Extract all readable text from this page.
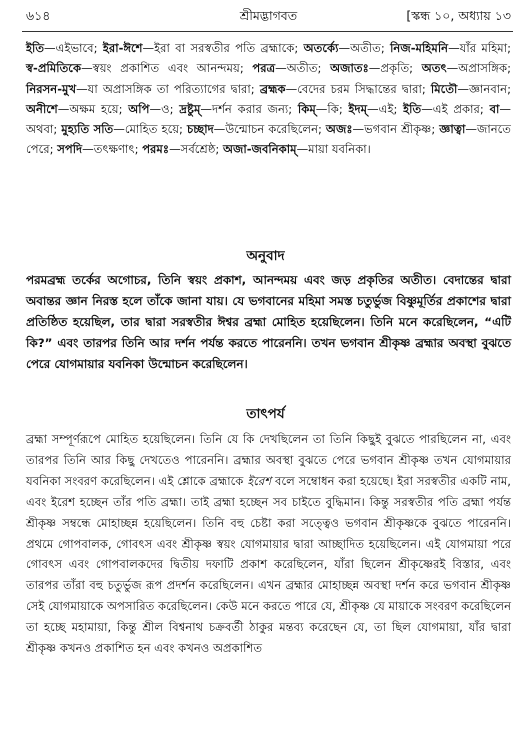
৬১৪	শ্রীমদ্ভাগবত	[স্কন্ধ ১০, অধ্যায় ১৩
ইতি—এইভাবে; ইরা-ঈশে—ইরা বা সরস্বতীর পতি ব্রহ্মাকে; অতর্ক্যে—অতীত; নিজ-মহিমনি—যাঁর মহিমা; স্ব-প্রমিতিকে—স্বয়ং প্রকাশিত এবং আনন্দময়; পরত্র—অতীত; অজাতঃ—প্রকৃতি; অতৎ—অপ্রাসঙ্গিক; নিরসন-মুখ—যা অপ্রাসঙ্গিক তা পরিত্যাগের দ্বারা; ব্রহ্মক—বেদের চরম সিদ্ধান্তের দ্বারা; মিতৌ—জ্ঞানবান; অনীশে—অক্ষম হয়ে; অপি—ও; দ্রষ্টুম্—দর্শন করার জন্য; কিম্—কি; ইদম্—এই; ইতি—এই প্রকার; বা—অথবা; মুহ্যতি সতি—মোহিত হয়ে; চচ্ছাদ—উন্মোচন করেছিলেন; অজঃ—ভগবান শ্রীকৃষ্ণ; জ্ঞাত্বা—জানতে পেরে; সপদি—তৎক্ষণাৎ; পরমঃ—সর্বশ্রেষ্ঠ; অজা-জবনিকাম্—মায়া যবনিকা।
অনুবাদ
পরমব্রহ্ম তর্কের অগোচর, তিনি স্বয়ং প্রকাশ, আনন্দময় এবং জড় প্রকৃতির অতীত। বেদান্তের দ্বারা অবান্তর জ্ঞান নিরস্ত হলে তাঁকে জানা যায়। যে ভগবানের মহিমা সমস্ত চতুর্ভুজ বিষ্ণুমূর্তির প্রকাশের দ্বারা প্রতিষ্ঠিত হয়েছিল, তার দ্বারা সরস্বতীর ঈশ্বর ব্রহ্মা মোহিত হয়েছিলেন। তিনি মনে করেছিলেন, “এটি কি?” এবং তারপর তিনি আর দর্শন পর্যন্ত করতে পারেননি। তখন ভগবান শ্রীকৃষ্ণ ব্রহ্মার অবস্থা বুঝতে পেরে যোগমায়ার যবনিকা উন্মোচন করেছিলেন।
তাৎপর্য
ব্রহ্মা সম্পূর্ণরূপে মোহিত হয়েছিলেন। তিনি যে কি দেখছিলেন তা তিনি কিছুই বুঝতে পারছিলেন না, এবং তারপর তিনি আর কিছু দেখতেও পারেননি। ব্রহ্মার অবস্থা বুঝতে পেরে ভগবান শ্রীকৃষ্ণ তখন যোগমায়ার যবনিকা সংবরণ করেছিলেন। এই শ্লোকে ব্রহ্মাকে ইরেশ বলে সম্বোধন করা হয়েছে। ইরা সরস্বতীর একটি নাম, এবং ইরেশ হচ্ছেন তাঁর পতি ব্রহ্মা। তাই ব্রহ্মা হচ্ছেন সব চাইতে বুদ্ধিমান। কিন্তু সরস্বতীর পতি ব্রহ্মা পর্যন্ত শ্রীকৃষ্ণ সম্বন্ধে মোহাচ্ছন্ন হয়েছিলেন। তিনি বহু চেষ্টা করা সত্ত্বেও ভগবান শ্রীকৃষ্ণকে বুঝতে পারেননি। প্রথমে গোপবালক, গোবৎস এবং শ্রীকৃষ্ণ স্বয়ং যোগমায়ার দ্বারা আচ্ছাদিত হয়েছিলেন। এই যোগমায়া পরে গোবৎস এবং গোপবালকদের দ্বিতীয় দফাটি প্রকাশ করেছিলেন, যাঁরা ছিলেন শ্রীকৃষ্ণেরই বিস্তার, এবং তারপর তাঁরা বহু চতুর্ভুজ রূপ প্রদর্শন করেছিলেন। এখন ব্রহ্মার মোহাচ্ছন্ন অবস্থা দর্শন করে ভগবান শ্রীকৃষ্ণ সেই যোগমায়াকে অপসারিত করেছিলেন। কেউ মনে করতে পারে যে, শ্রীকৃষ্ণ যে মায়াকে সংবরণ করেছিলেন তা হচ্ছে মহামায়া, কিন্তু শ্রীল বিশ্বনাথ চক্রবর্তী ঠাকুর মন্তব্য করেছেন যে, তা ছিল যোগমায়া, যাঁর দ্বারা শ্রীকৃষ্ণ কখনও প্রকাশিত হন এবং কখনও অপ্রকাশিত
